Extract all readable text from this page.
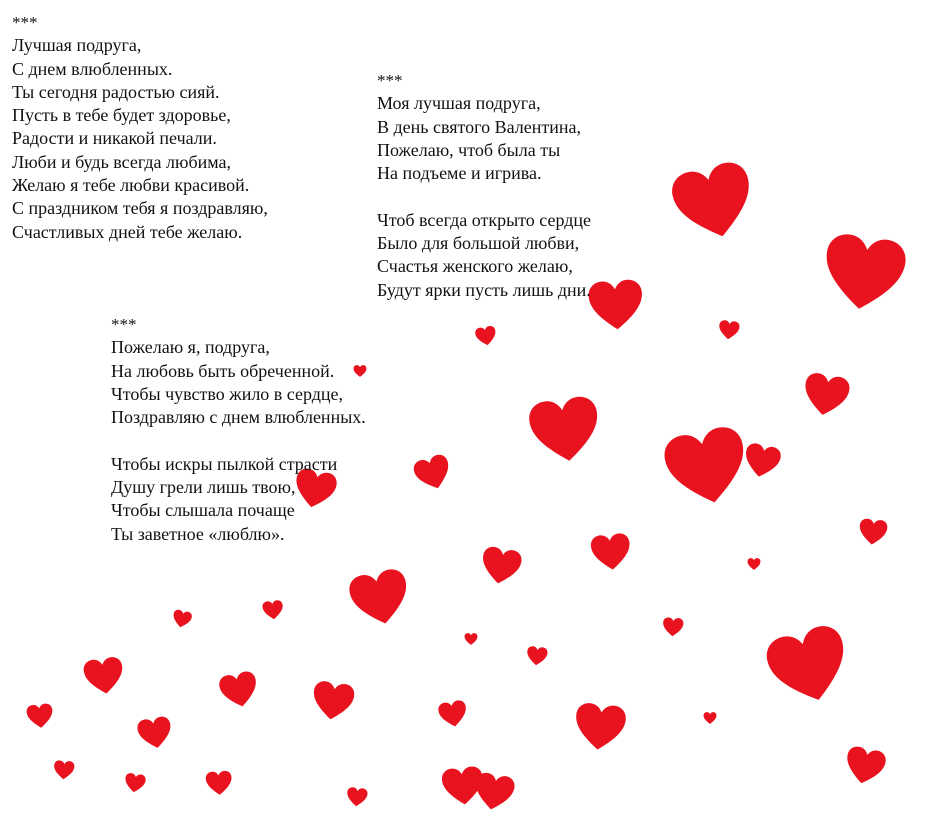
***
Лучшая подруга,
С днем влюбленных.
Ты сегодня радостью сияй.
Пусть в тебе будет здоровье,
Радости и никакой печали.
Люби и будь всегда любима,
Желаю я тебе любви красивой.
С праздником тебя я поздравляю,
Счастливых дней тебе желаю.
***
Моя лучшая подруга,
В день святого Валентина,
Пожелаю, чтоб была ты
На подъеме и игрива.
Чтоб всегда открыто сердце
Было для большой любви,
Счастья женского желаю,
Будут ярки пусть лишь дни.
***
Пожелаю я, подруга,
На любовь быть обреченной.
Чтобы чувство жило в сердце,
Поздравляю с днем влюбленных.
Чтобы искры пылкой страсти
Душу грели лишь твою,
Чтобы слышала почаще
Ты заветное «люблю».
